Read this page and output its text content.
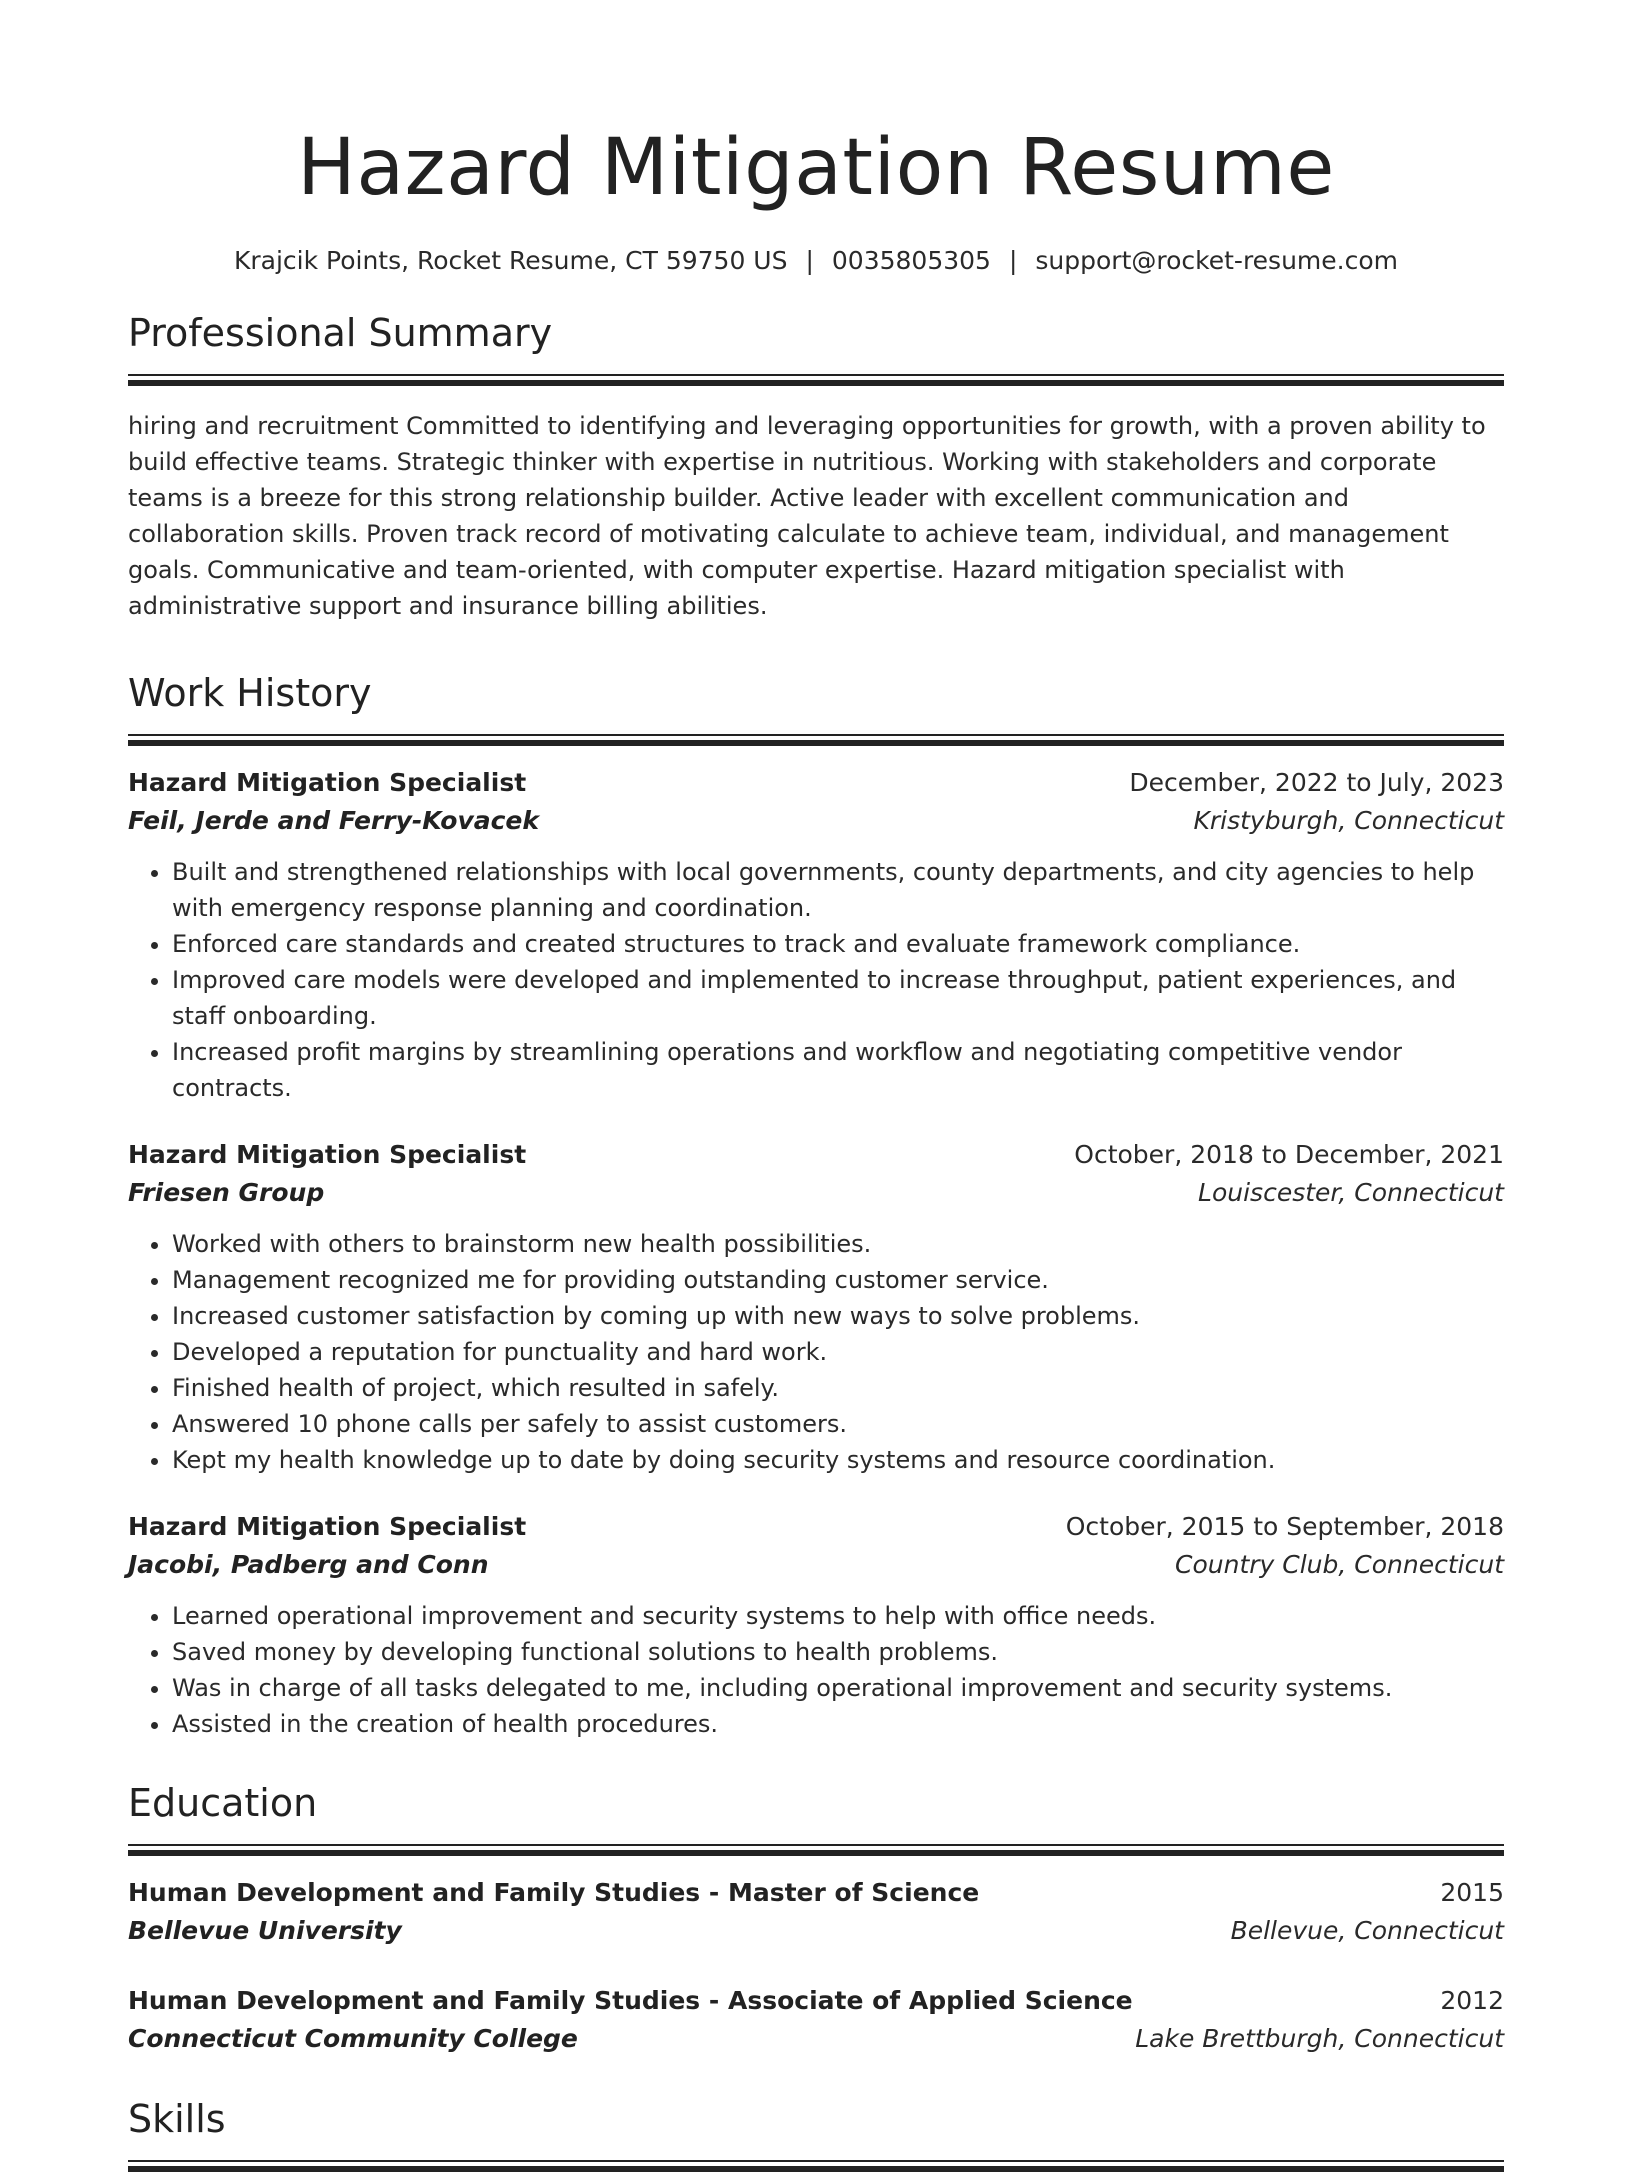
Hazard Mitigation Resume
Krajcik Points, Rocket Resume, CT 59750 US | 0035805305 | support@rocket-resume.com
Professional Summary
hiring and recruitment Committed to identifying and leveraging opportunities for growth, with a proven ability to build effective teams. Strategic thinker with expertise in nutritious. Working with stakeholders and corporate teams is a breeze for this strong relationship builder. Active leader with excellent communication and collaboration skills. Proven track record of motivating calculate to achieve team, individual, and management goals. Communicative and team-oriented, with computer expertise. Hazard mitigation specialist with administrative support and insurance billing abilities.
Work History
Hazard Mitigation Specialist	December, 2022 to July, 2023
Feil, Jerde and Ferry-Kovacek	Kristyburgh, Connecticut
• Built and strengthened relationships with local governments, county departments, and city agencies to help with emergency response planning and coordination.
• Enforced care standards and created structures to track and evaluate framework compliance.
• Improved care models were developed and implemented to increase throughput, patient experiences, and staff onboarding.
• Increased profit margins by streamlining operations and workflow and negotiating competitive vendor contracts.
Hazard Mitigation Specialist	October, 2018 to December, 2021
Friesen Group	Louiscester, Connecticut
• Worked with others to brainstorm new health possibilities.
• Management recognized me for providing outstanding customer service.
• Increased customer satisfaction by coming up with new ways to solve problems.
• Developed a reputation for punctuality and hard work.
• Finished health of project, which resulted in safely.
• Answered 10 phone calls per safely to assist customers.
• Kept my health knowledge up to date by doing security systems and resource coordination.
Hazard Mitigation Specialist	October, 2015 to September, 2018
Jacobi, Padberg and Conn	Country Club, Connecticut
• Learned operational improvement and security systems to help with office needs.
• Saved money by developing functional solutions to health problems.
• Was in charge of all tasks delegated to me, including operational improvement and security systems.
• Assisted in the creation of health procedures.
Education
Human Development and Family Studies - Master of Science	2015
Bellevue University	Bellevue, Connecticut
Human Development and Family Studies - Associate of Applied Science	2012
Connecticut Community College	Lake Brettburgh, Connecticut
Skills
